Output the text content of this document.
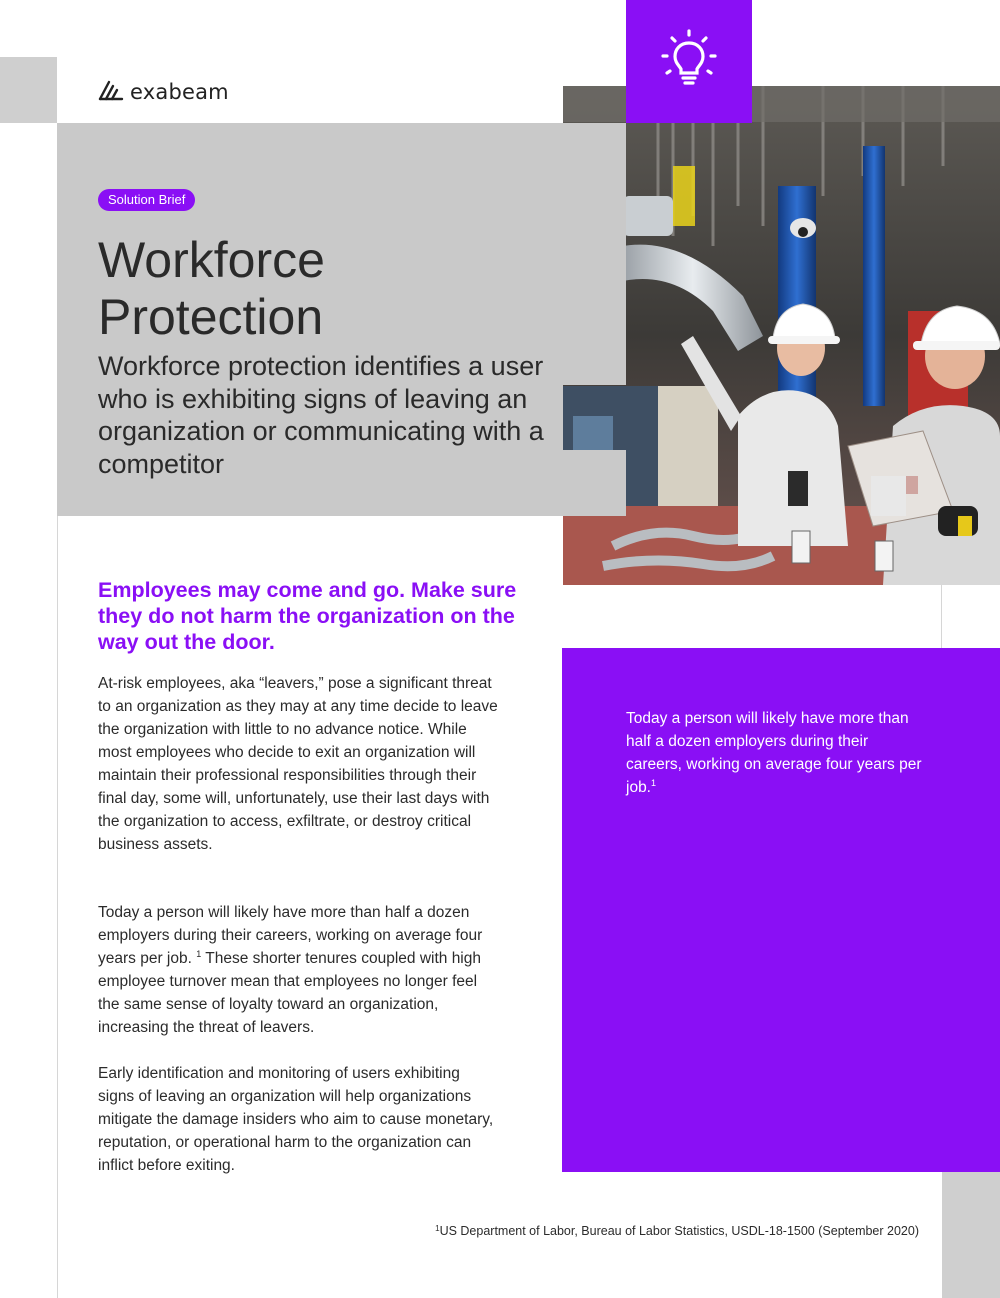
exabeam
Solution Brief
Workforce
Protection

Workforce protection identifies a user who is exhibiting signs of leaving an organization or communicating with a competitor

Employees may come and go. Make sure they do not harm the organization on the way out the door.

At-risk employees, aka “leavers,” pose a significant threat to an organization as they may at any time decide to leave the organization with little to no advance notice. While most employees who decide to exit an organization will maintain their professional responsibilities through their final day, some will, unfortunately, use their last days with the organization to access, exfiltrate, or destroy critical business assets.

Today a person will likely have more than half a dozen employers during their careers, working on average four years per job. $^1$ These shorter tenures coupled with high employee turnover mean that employees no longer feel the same sense of loyalty toward an organization, increasing the threat of leavers.

Early identification and monitoring of users exhibiting signs of leaving an organization will help organizations mitigate the damage insiders who aim to cause monetary, reputation, or operational harm to the organization can inflict before exiting.

Today a person will likely have more than half a dozen employers during their careers, working on average four years per job.$^1$

$^1$US Department of Labor, Bureau of Labor Statistics, USDL-18-1500 (September 2020)
